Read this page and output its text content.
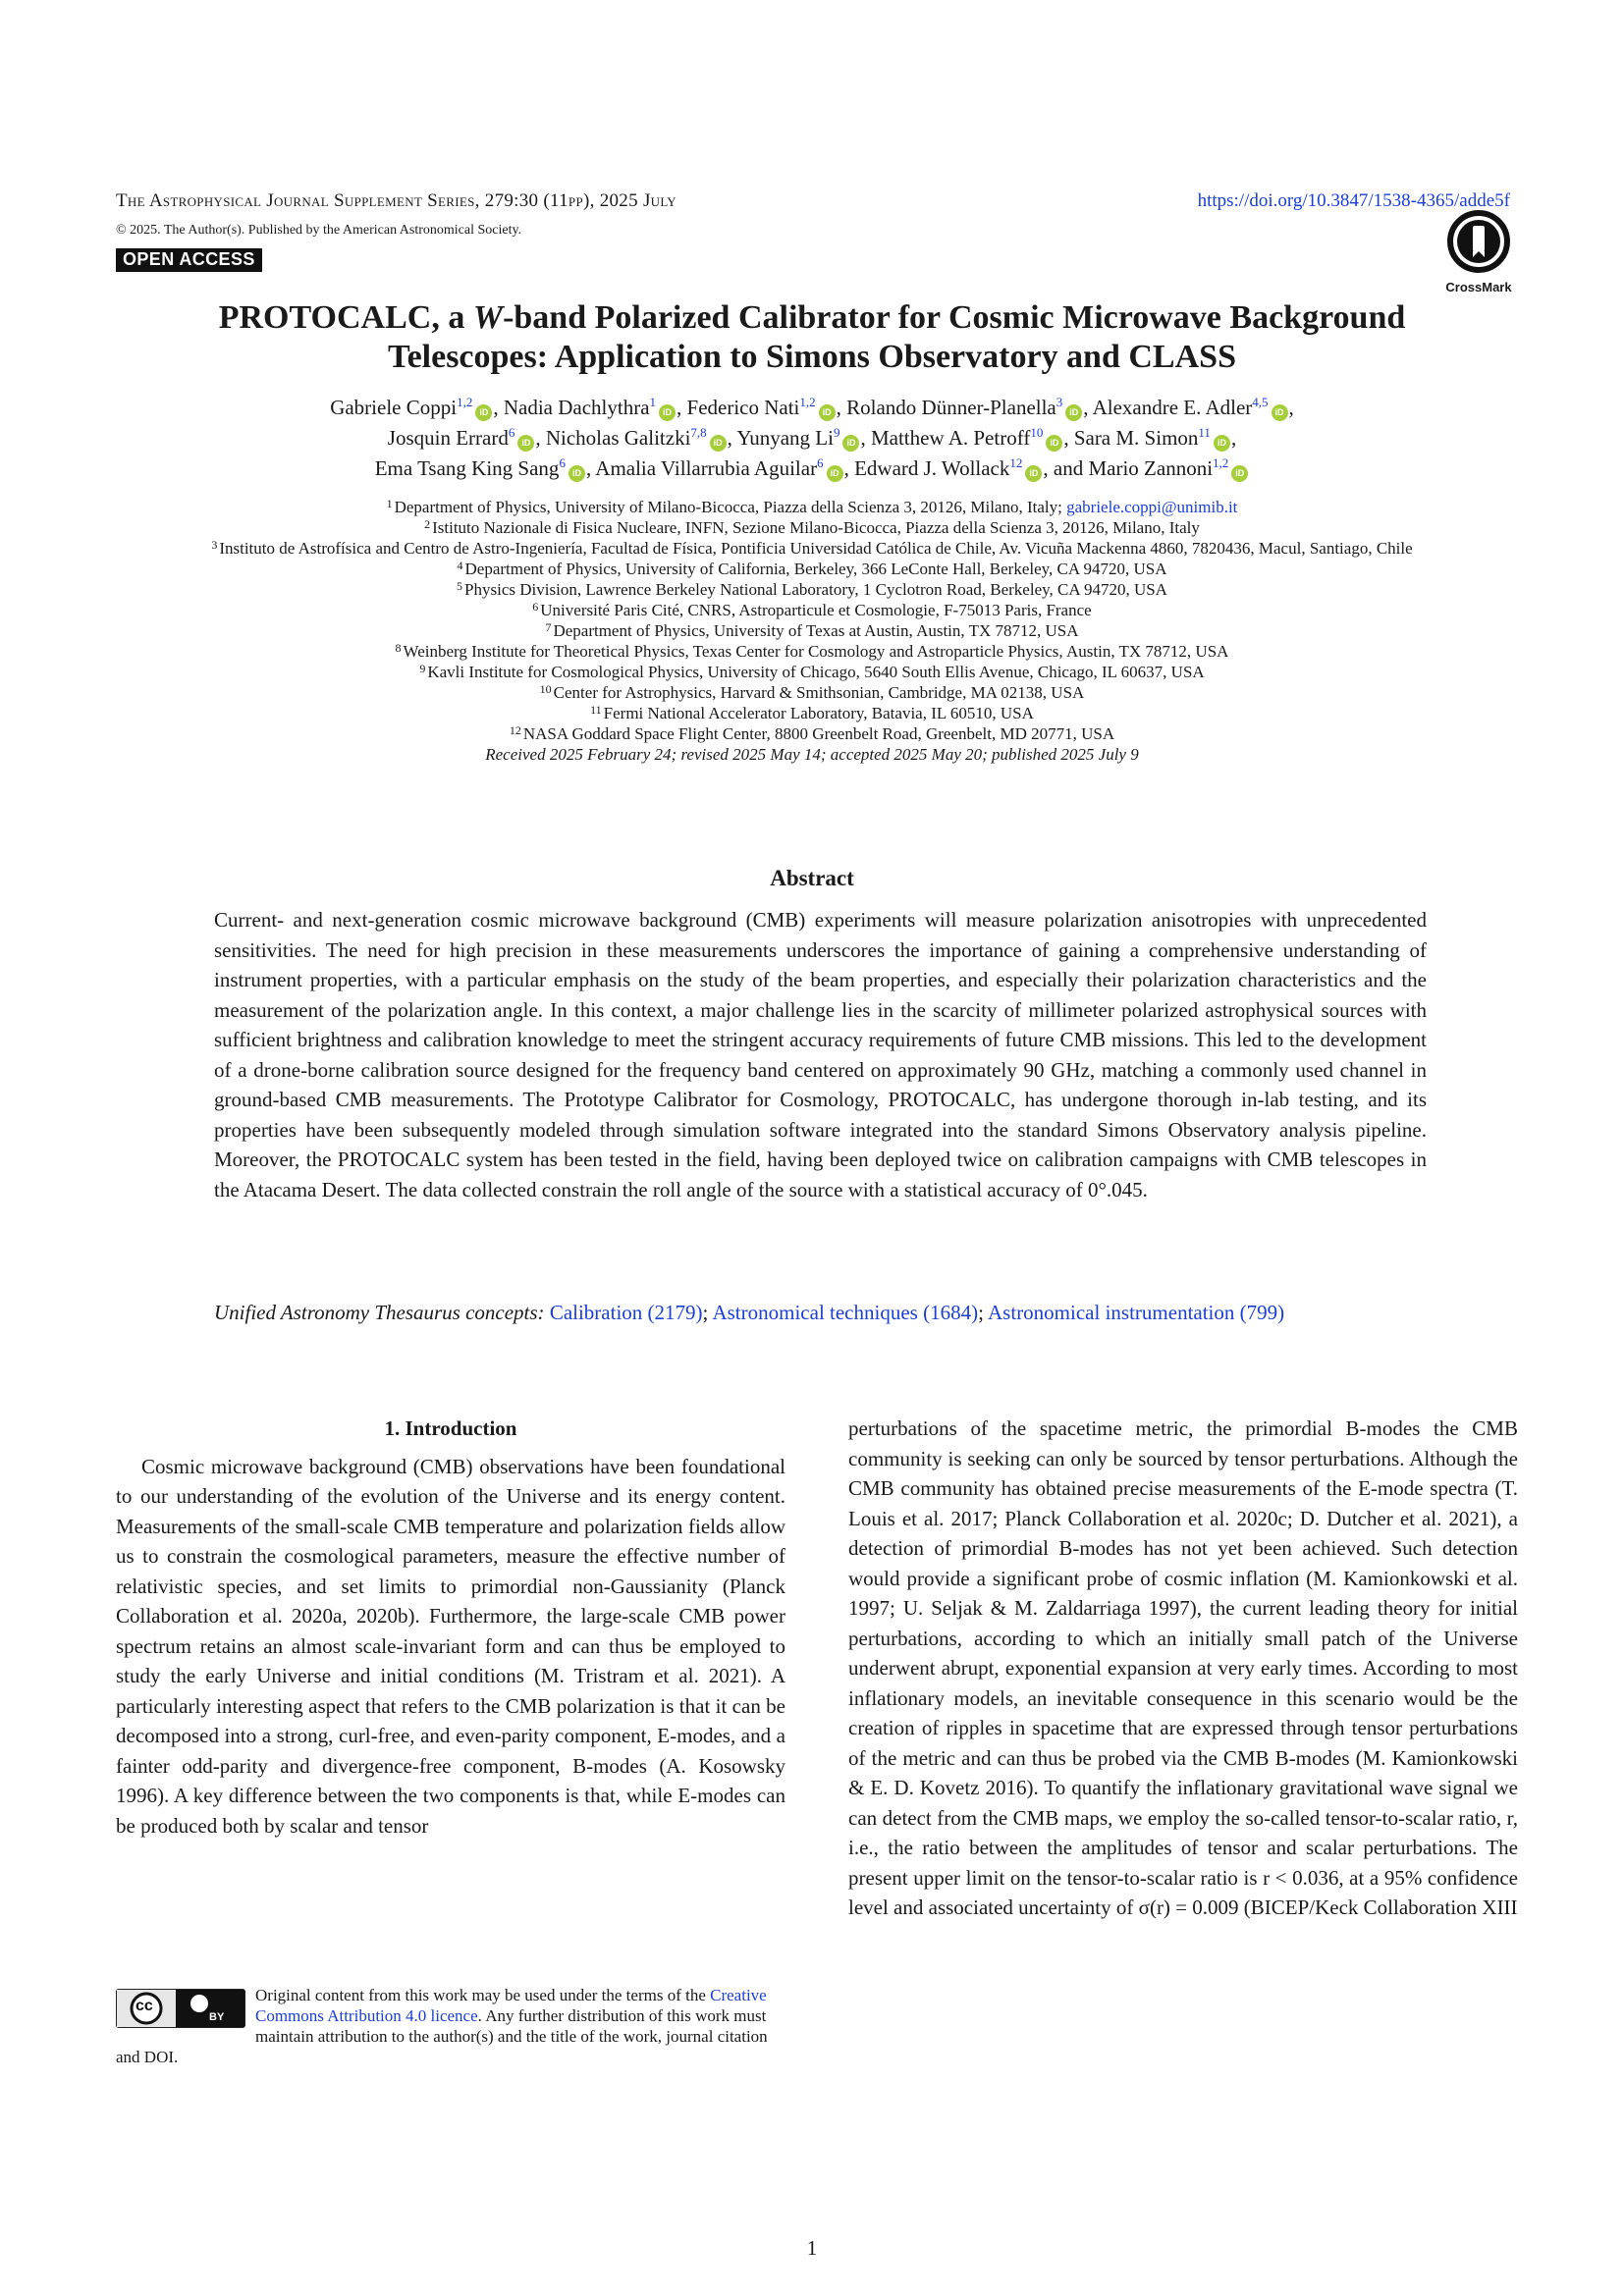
The Astrophysical Journal Supplement Series, 279:30 (11pp), 2025 July	https://doi.org/10.3847/1538-4365/adde5f
© 2025. The Author(s). Published by the American Astronomical Society.
OPEN ACCESS
CrossMark
PROTOCALC, a W-band Polarized Calibrator for Cosmic Microwave Background
Telescopes: Application to Simons Observatory and CLASS
Gabriele Coppi$^{1,2}$iD , Nadia Dachlythra$^1$iD , Federico Nati$^{1,2}$iD , Rolando Dünner-Planella$^3$iD , Alexandre E. Adler$^{4,5}$iD ,
Josquin Errard$^6$iD , Nicholas Galitzki$^{7,8}$iD , Yunyang Li$^9$iD , Matthew A. Petroff$^{10}$iD , Sara M. Simon$^{11}$iD ,
Ema Tsang King Sang$^6$iD , Amalia Villarrubia Aguilar$^6$iD , Edward J. Wollack$^{12}$iD , and Mario Zannoni$^{1,2}$iD
$^1$ Department of Physics, University of Milano-Bicocca, Piazza della Scienza 3, 20126, Milano, Italy; gabriele.coppi@unimib.it
$^2$ Istituto Nazionale di Fisica Nucleare, INFN, Sezione Milano-Bicocca, Piazza della Scienza 3, 20126, Milano, Italy
$^3$ Instituto de Astrofísica and Centro de Astro-Ingeniería, Facultad de Física, Pontificia Universidad Católica de Chile, Av. Vicuña Mackenna 4860, 7820436, Macul, Santiago, Chile
$^4$ Department of Physics, University of California, Berkeley, 366 LeConte Hall, Berkeley, CA 94720, USA
$^5$ Physics Division, Lawrence Berkeley National Laboratory, 1 Cyclotron Road, Berkeley, CA 94720, USA
$^6$ Université Paris Cité, CNRS, Astroparticule et Cosmologie, F-75013 Paris, France
$^7$ Department of Physics, University of Texas at Austin, Austin, TX 78712, USA
$^8$ Weinberg Institute for Theoretical Physics, Texas Center for Cosmology and Astroparticle Physics, Austin, TX 78712, USA
$^9$ Kavli Institute for Cosmological Physics, University of Chicago, 5640 South Ellis Avenue, Chicago, IL 60637, USA
$^{10}$ Center for Astrophysics, Harvard & Smithsonian, Cambridge, MA 02138, USA
$^{11}$ Fermi National Accelerator Laboratory, Batavia, IL 60510, USA
$^{12}$ NASA Goddard Space Flight Center, 8800 Greenbelt Road, Greenbelt, MD 20771, USA
Received 2025 February 24; revised 2025 May 14; accepted 2025 May 20; published 2025 July 9
Abstract
Current- and next-generation cosmic microwave background (CMB) experiments will measure polarization anisotropies with unprecedented sensitivities. The need for high precision in these measurements underscores the importance of gaining a comprehensive understanding of instrument properties, with a particular emphasis on the study of the beam properties, and especially their polarization characteristics and the measurement of the polarization angle. In this context, a major challenge lies in the scarcity of millimeter polarized astrophysical sources with sufficient brightness and calibration knowledge to meet the stringent accuracy requirements of future CMB missions. This led to the development of a drone-borne calibration source designed for the frequency band centered on approximately 90 GHz, matching a commonly used channel in ground-based CMB measurements. The Prototype Calibrator for Cosmology, PROTOCALC, has undergone thorough in-lab testing, and its properties have been subsequently modeled through simulation software integrated into the standard Simons Observatory analysis pipeline. Moreover, the PROTOCALC system has been tested in the field, having been deployed twice on calibration campaigns with CMB telescopes in the Atacama Desert. The data collected constrain the roll angle of the source with a statistical accuracy of 0°.045.
Unified Astronomy Thesaurus concepts: Calibration (2179); Astronomical techniques (1684); Astronomical instrumentation (799)
1. Introduction

Cosmic microwave background (CMB) observations have been foundational to our understanding of the evolution of the Universe and its energy content. Measurements of the small-scale CMB temperature and polarization fields allow us to constrain the cosmological parameters, measure the effective number of relativistic species, and set limits to primordial non-Gaussianity (Planck Collaboration et al. 2020a, 2020b). Furthermore, the large-scale CMB power spectrum retains an almost scale-invariant form and can thus be employed to study the early Universe and initial conditions (M. Tristram et al. 2021). A particularly interesting aspect that refers to the CMB polarization is that it can be decomposed into a strong, curl-free, and even-parity component, E-modes, and a fainter odd-parity and divergence-free component, B-modes (A. Kosowsky 1996). A key difference between the two components is that, while E-modes can be produced both by scalar and tensor

perturbations of the spacetime metric, the primordial B-modes the CMB community is seeking can only be sourced by tensor perturbations. Although the CMB community has obtained precise measurements of the E-mode spectra (T. Louis et al. 2017; Planck Collaboration et al. 2020c; D. Dutcher et al. 2021), a detection of primordial B-modes has not yet been achieved. Such detection would provide a significant probe of cosmic inflation (M. Kamionkowski et al. 1997; U. Seljak & M. Zaldarriaga 1997), the current leading theory for initial perturbations, according to which an initially small patch of the Universe underwent abrupt, exponential expansion at very early times. According to most inflationary models, an inevitable consequence in this scenario would be the creation of ripples in spacetime that are expressed through tensor perturbations of the metric and can thus be probed via the CMB B-modes (M. Kamionkowski & E. D. Kovetz 2016). To quantify the inflationary gravitational wave signal we can detect from the CMB maps, we employ the so-called tensor-to-scalar ratio, r, i.e., the ratio between the amplitudes of tensor and scalar perturbations. The present upper limit on the tensor-to-scalar ratio is r < 0.036, at a 95% confidence level and associated uncertainty of σ(r) = 0.009 (BICEP/Keck Collaboration XIII

cc
BY
Original content from this work may be used under the terms of the Creative Commons Attribution 4.0 licence. Any further distribution of this work must maintain attribution to the author(s) and the title of the work, journal citation and DOI.
1
